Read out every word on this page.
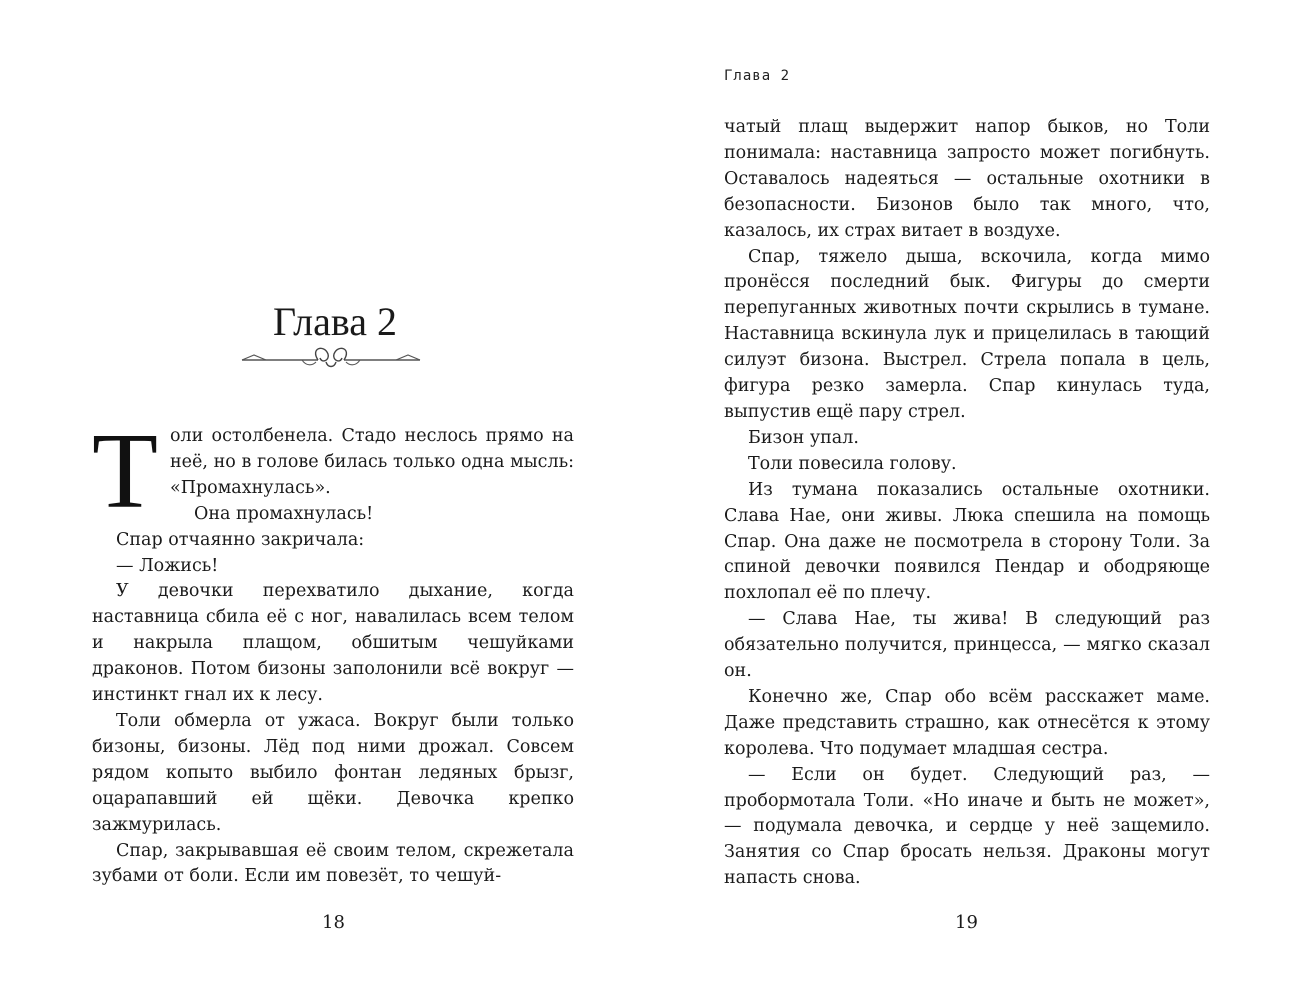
Глава 2

Толи остолбенела. Стадо неслось прямо на неё, но в голове билась только одна мысль: «Промахнулась».

Она промахнулась!

Спар отчаянно закричала:

— Ложись!

У девочки перехватило дыхание, когда наставница сбила её с ног, навалилась всем телом и накрыла плащом, обшитым чешуйками драконов. Потом бизоны заполонили всё вокруг — инстинкт гнал их к лесу.

Толи обмерла от ужаса. Вокруг были только бизоны, бизоны. Лёд под ними дрожал. Совсем рядом копыто выбило фонтан ледяных брызг, оцарапавший ей щёки. Девочка крепко зажмурилась.

Спар, закрывавшая её своим телом, скрежетала зубами от боли. Если им повезёт, то чешуй-

18
Глава 2

чатый плащ выдержит напор быков, но Толи понимала: наставница запросто может погибнуть. Оставалось надеяться — остальные охотники в безопасности. Бизонов было так много, что, казалось, их страх витает в воздухе.

Спар, тяжело дыша, вскочила, когда мимо пронёсся последний бык. Фигуры до смерти перепуганных животных почти скрылись в тумане. Наставница вскинула лук и прицелилась в тающий силуэт бизона. Выстрел. Стрела попала в цель, фигура резко замерла. Спар кинулась туда, выпустив ещё пару стрел.

Бизон упал.

Толи повесила голову.

Из тумана показались остальные охотники. Слава Нае, они живы. Люка спешила на помощь Спар. Она даже не посмотрела в сторону Толи. За спиной девочки появился Пендар и ободряюще похлопал её по плечу.

— Слава Нае, ты жива! В следующий раз обязательно получится, принцесса, — мягко сказал он.

Конечно же, Спар обо всём расскажет маме. Даже представить страшно, как отнесётся к этому королева. Что подумает младшая сестра.

— Если он будет. Следующий раз, — пробормотала Толи. «Но иначе и быть не может», — подумала девочка, и сердце у неё защемило. Занятия со Спар бросать нельзя. Драконы могут напасть снова.

19
